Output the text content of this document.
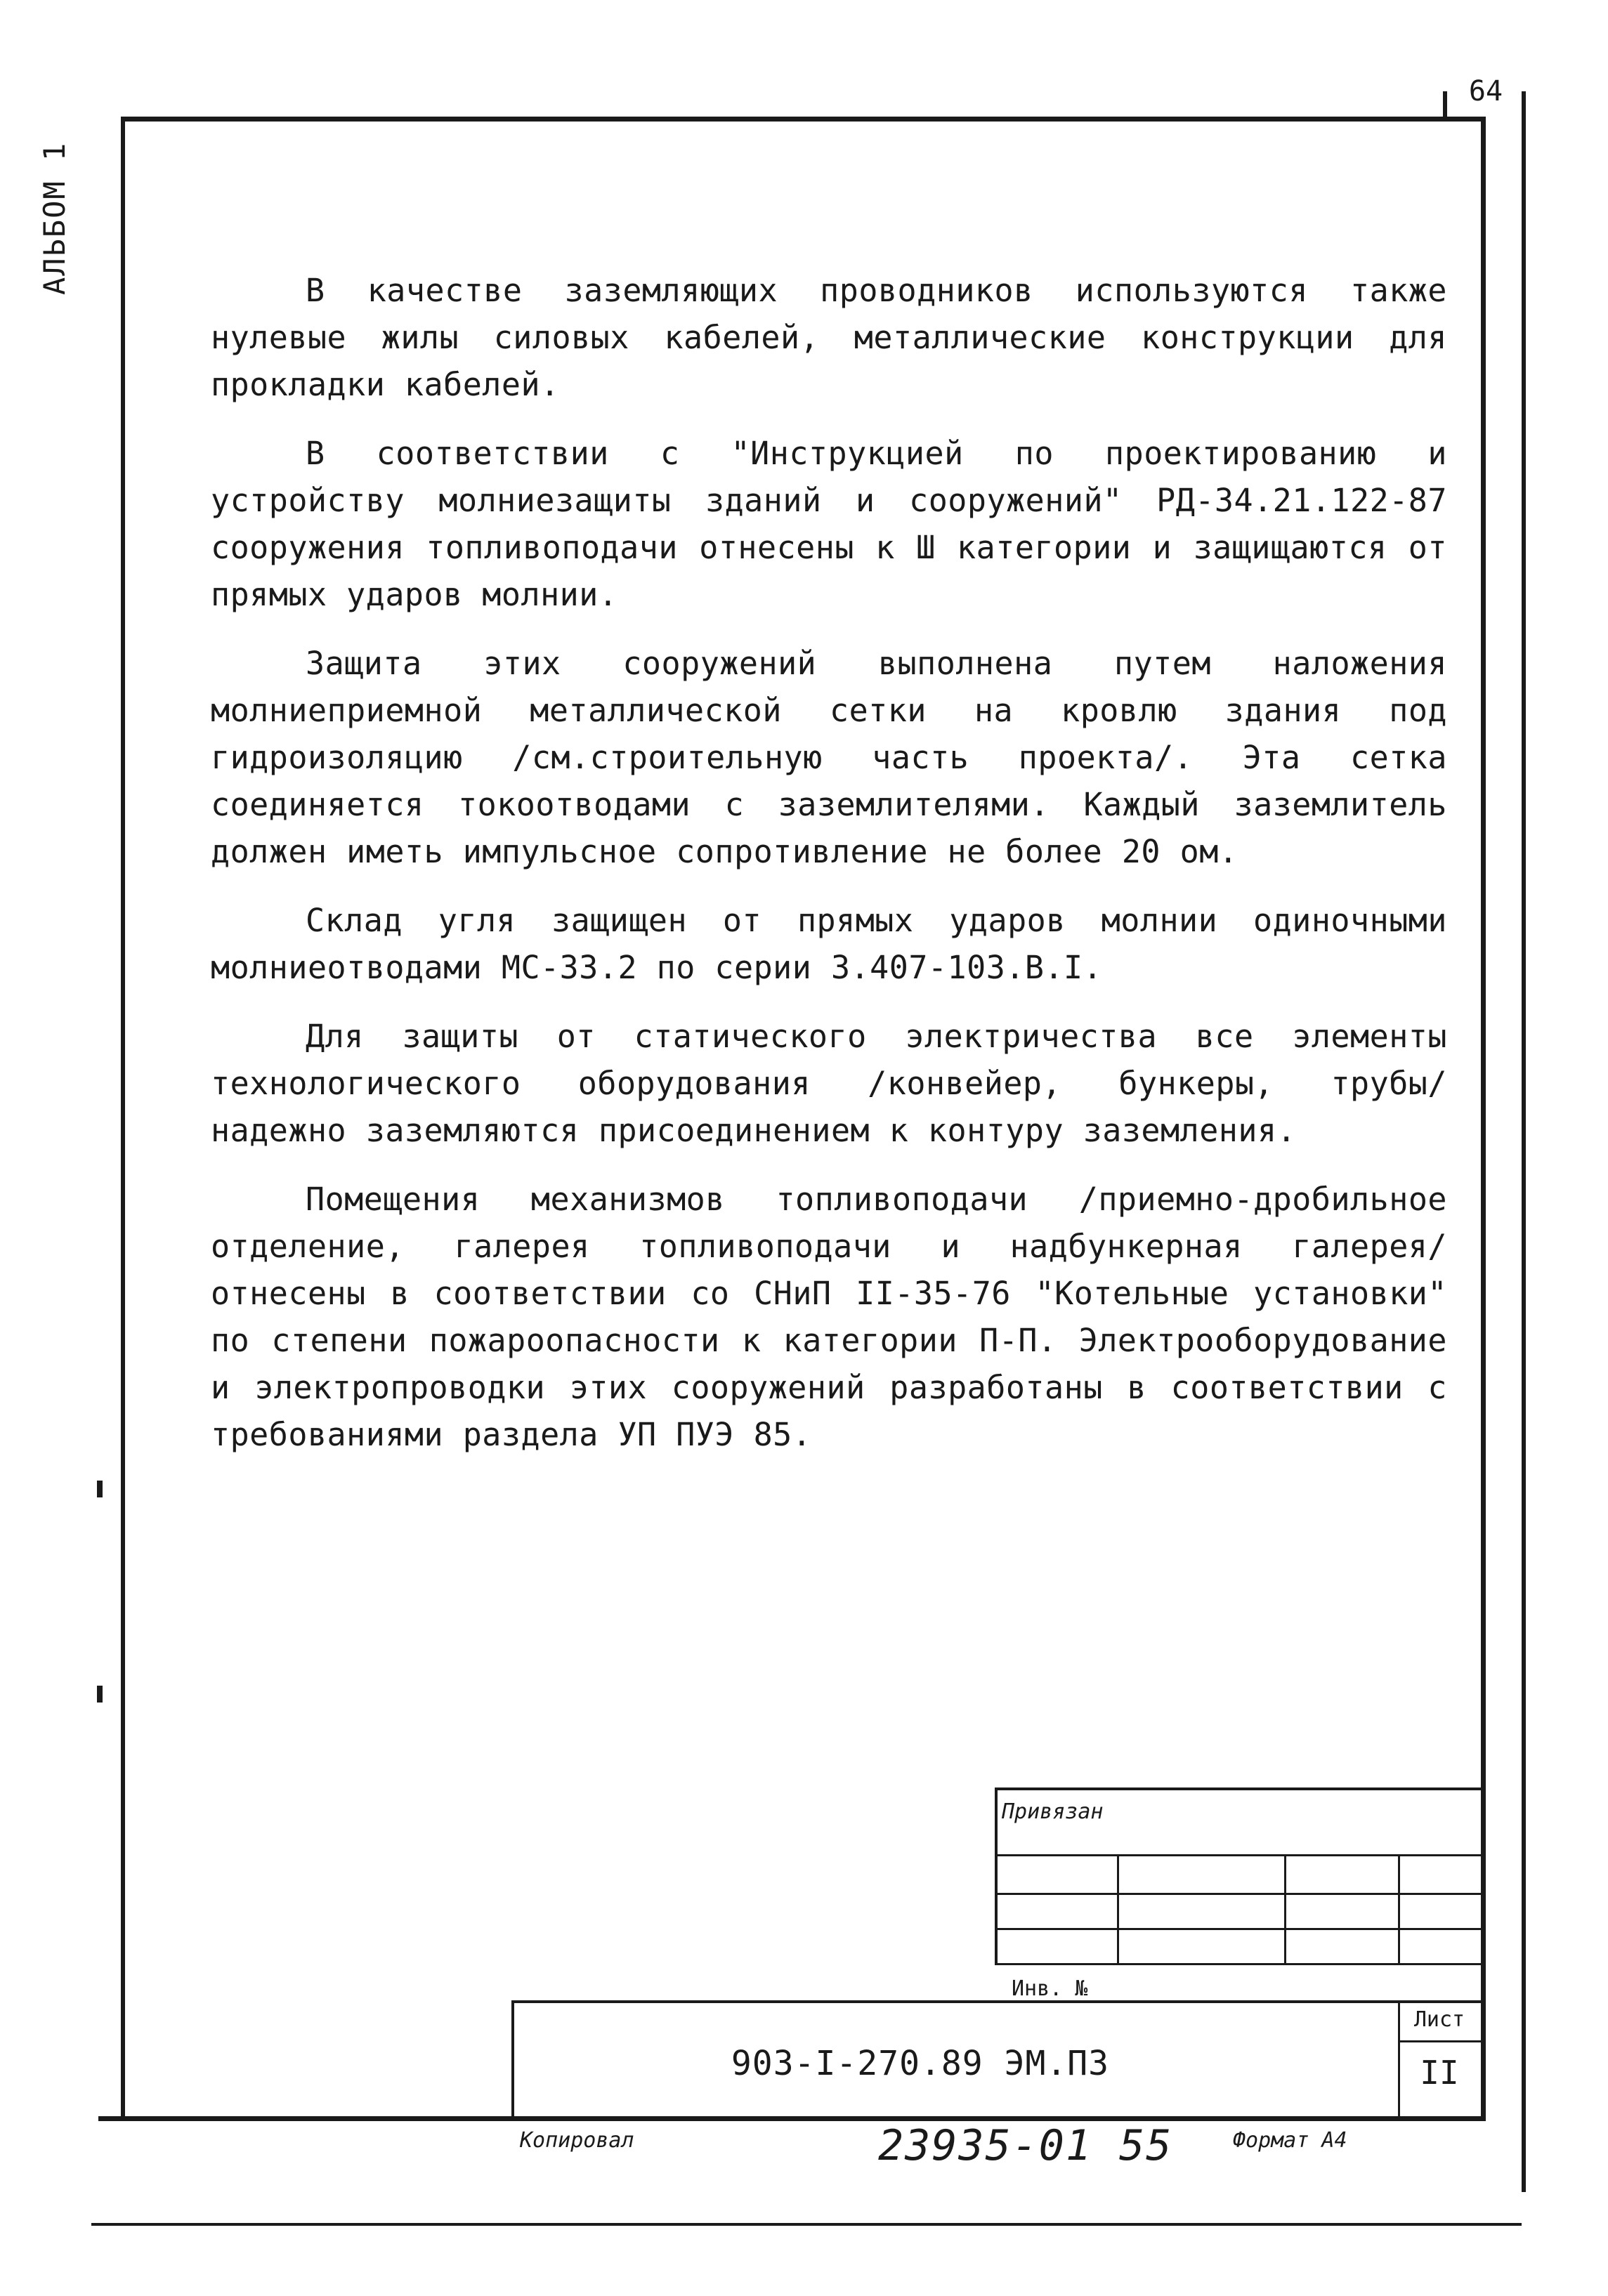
64
АЛЬБОМ 1	В качестве заземляющих проводников используются также нулевые жилы силовых кабелей, металлические конструкции для прокладки кабелей.

В соответствии с "Инструкцией по проектированию и устройству молниезащиты зданий и сооружений" РД-34.21.122-87 сооружения топливоподачи отнесены к Ш категории и защищаются от прямых ударов молнии.

Защита этих сооружений выполнена путем наложения молниеприемной металлической сетки на кровлю здания под гидроизоляцию /см.строительную часть проекта/. Эта сетка соединяется токоотводами с заземлителями. Каждый заземлитель должен иметь импульсное сопротивление не более 20 ом.

Склад угля защищен от прямых ударов молнии одиночными молниеотводами МС-33.2 по серии 3.407-103.В.I.

Для защиты от статического электричества все элементы технологического оборудования /конвейер, бункеры, трубы/ надежно заземляются присоединением к контуру заземления.

Помещения механизмов топливоподачи /приемно-дробильное отделение, галерея топливоподачи и надбункерная галерея/ отнесены в соответствии со СНиП II-35-76 "Котельные установки" по степени пожароопасности к категории П-П. Электрооборудование и электропроводки этих сооружений разработаны в соответствии с требованиями раздела УП ПУЭ 85.

Привязан
Инв. №
903-I-270.89 ЭМ.ПЗ
Лист
II
Копировал	23935-01 55	Формат А4
